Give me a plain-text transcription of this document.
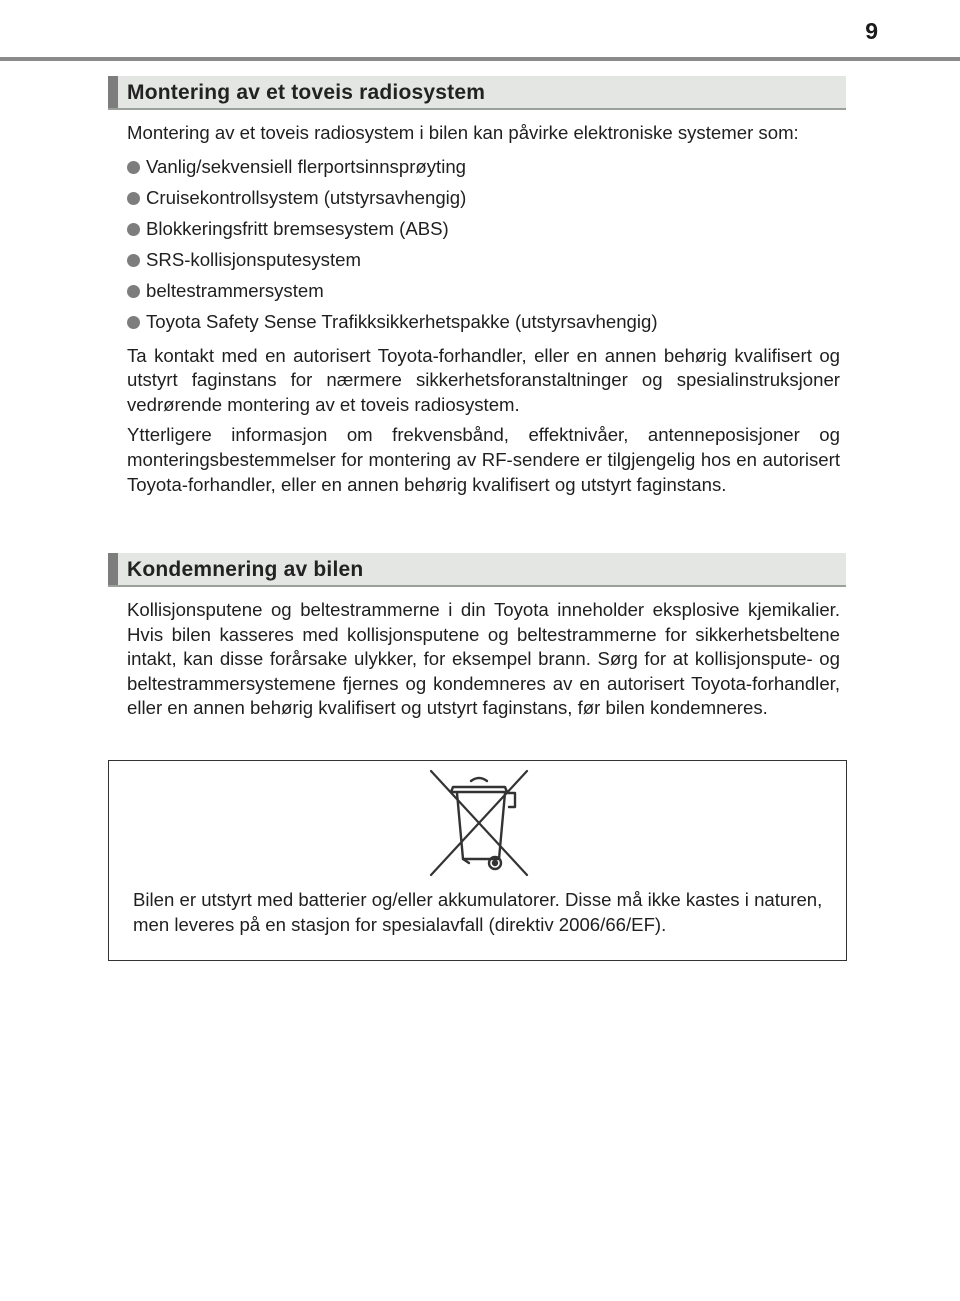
9
Montering av et toveis radiosystem

Montering av et toveis radiosystem i bilen kan påvirke elektroniske systemer som:

Vanlig/sekvensiell flerportsinnsprøyting
Cruisekontrollsystem (utstyrsavhengig)
Blokkeringsfritt bremsesystem (ABS)
SRS-kollisjonsputesystem
beltestrammersystem
Toyota Safety Sense Trafikksikkerhetspakke (utstyrsavhengig)

Ta kontakt med en autorisert Toyota-forhandler, eller en annen behørig kvalifisert og utstyrt faginstans for nærmere sikkerhetsforanstaltninger og spesialinstruksjoner vedrørende montering av et toveis radiosystem.

Ytterligere informasjon om frekvensbånd, effektnivåer, antenneposisjoner og monteringsbestemmelser for montering av RF-sendere er tilgjengelig hos en autorisert Toyota-forhandler, eller en annen behørig kvalifisert og utstyrt faginstans.

Kondemnering av bilen

Kollisjonsputene og beltestrammerne i din Toyota inneholder eksplosive kjemikalier. Hvis bilen kasseres med kollisjonsputene og beltestrammerne for sikkerhetsbeltene intakt, kan disse forårsake ulykker, for eksempel brann. Sørg for at kollisjonspute- og beltestrammersystemene fjernes og kondemneres av en autorisert Toyota-forhandler, eller en annen behørig kvalifisert og utstyrt faginstans, før bilen kondemneres.

Bilen er utstyrt med batterier og/eller akkumulatorer. Disse må ikke kastes i naturen, men leveres på en stasjon for spesialavfall (direktiv 2006/66/EF).
